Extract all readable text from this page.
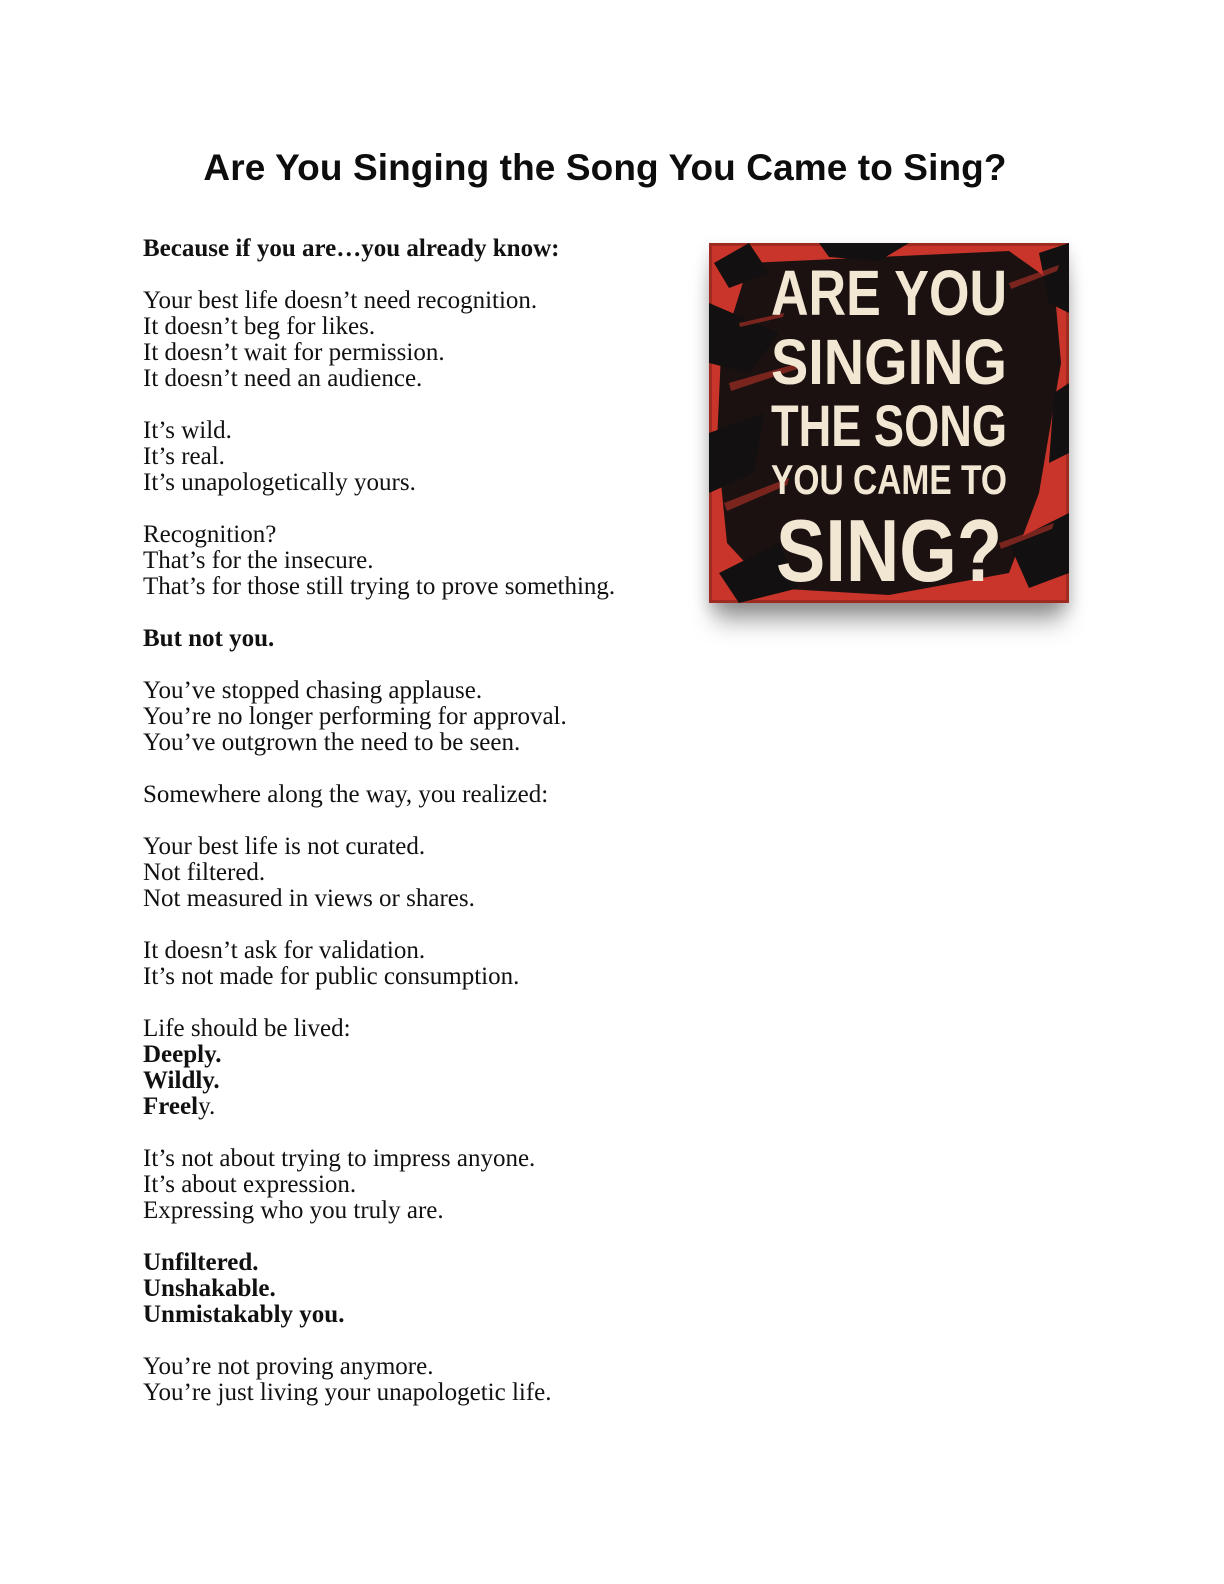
Are You Singing the Song You Came to Sing?
Because if you are…you already know:
Your best life doesn’t need recognition.
It doesn’t beg for likes.
It doesn’t wait for permission.
It doesn’t need an audience.
It’s wild.
It’s real.
It’s unapologetically yours.
Recognition?
That’s for the insecure.
That’s for those still trying to prove something.
But not you.
You’ve stopped chasing applause.
You’re no longer performing for approval.
You’ve outgrown the need to be seen.
Somewhere along the way, you realized:
Your best life is not curated.
Not filtered.
Not measured in views or shares.
It doesn’t ask for validation.
It’s not made for public consumption.
Life should be lived:
Deeply.
Wildly.
Freely.
It’s not about trying to impress anyone.
It’s about expression.
Expressing who you truly are.
Unfiltered.
Unshakable.
Unmistakably you.
You’re not proving anymore.
You’re just living your unapologetic life.
ARE YOU
SINGING
THE SONG
YOU CAME TO
SING?
